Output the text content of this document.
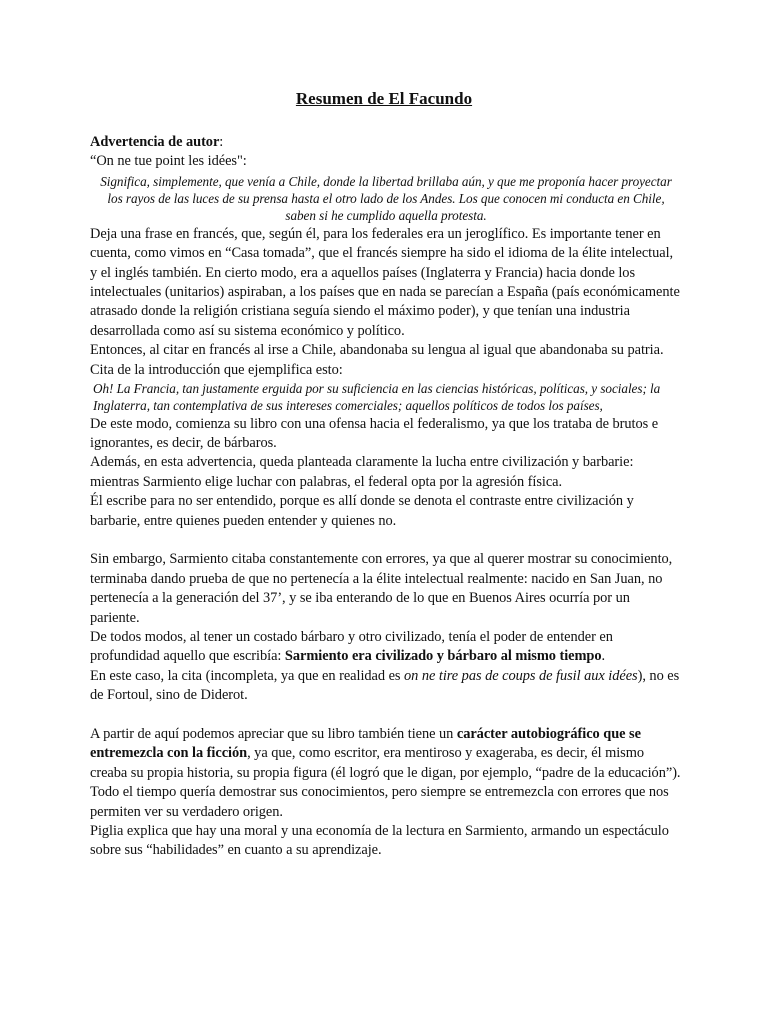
Resumen de El Facundo

Advertencia de autor:

“On ne tue point les idées":

Significa, simplemente, que venía a Chile, donde la libertad brillaba aún, y que me proponía hacer proyectar los rayos de las luces de su prensa hasta el otro lado de los Andes. Los que conocen mi conducta en Chile, saben si he cumplido aquella protesta.

Deja una frase en francés, que, según él, para los federales era un jeroglífico. Es importante tener en cuenta, como vimos en “Casa tomada”, que el francés siempre ha sido el idioma de la élite intelectual, y el inglés también. En cierto modo, era a aquellos países (Inglaterra y Francia) hacia donde los intelectuales (unitarios) aspiraban, a los países que en nada se parecían a España (país económicamente atrasado donde la religión cristiana seguía siendo el máximo poder), y que tenían una industria desarrollada como así su sistema económico y político.

Entonces, al citar en francés al irse a Chile, abandonaba su lengua al igual que abandonaba su patria.

Cita de la introducción que ejemplifica esto:

Oh! La Francia, tan justamente erguida por su suficiencia en las ciencias históricas, políticas, y sociales; la Inglaterra, tan contemplativa de sus intereses comerciales; aquellos políticos de todos los países,

De este modo, comienza su libro con una ofensa hacia el federalismo, ya que los trataba de brutos e ignorantes, es decir, de bárbaros.

Además, en esta advertencia, queda planteada claramente la lucha entre civilización y barbarie: mientras Sarmiento elige luchar con palabras, el federal opta por la agresión física.

Él escribe para no ser entendido, porque es allí donde se denota el contraste entre civilización y barbarie, entre quienes pueden entender y quienes no.

Sin embargo, Sarmiento citaba constantemente con errores, ya que al querer mostrar su conocimiento, terminaba dando prueba de que no pertenecía a la élite intelectual realmente: nacido en San Juan, no pertenecía a la generación del 37’, y se iba enterando de lo que en Buenos Aires ocurría por un pariente.

De todos modos, al tener un costado bárbaro y otro civilizado, tenía el poder de entender en profundidad aquello que escribía: Sarmiento era civilizado y bárbaro al mismo tiempo.

En este caso, la cita (incompleta, ya que en realidad es on ne tire pas de coups de fusil aux idées), no es de Fortoul, sino de Diderot.

A partir de aquí podemos apreciar que su libro también tiene un carácter autobiográfico que se entremezcla con la ficción, ya que, como escritor, era mentiroso y exageraba, es decir, él mismo creaba su propia historia, su propia figura (él logró que le digan, por ejemplo, “padre de la educación”). Todo el tiempo quería demostrar sus conocimientos, pero siempre se entremezcla con errores que nos permiten ver su verdadero origen.

Piglia explica que hay una moral y una economía de la lectura en Sarmiento, armando un espectáculo sobre sus “habilidades” en cuanto a su aprendizaje.
